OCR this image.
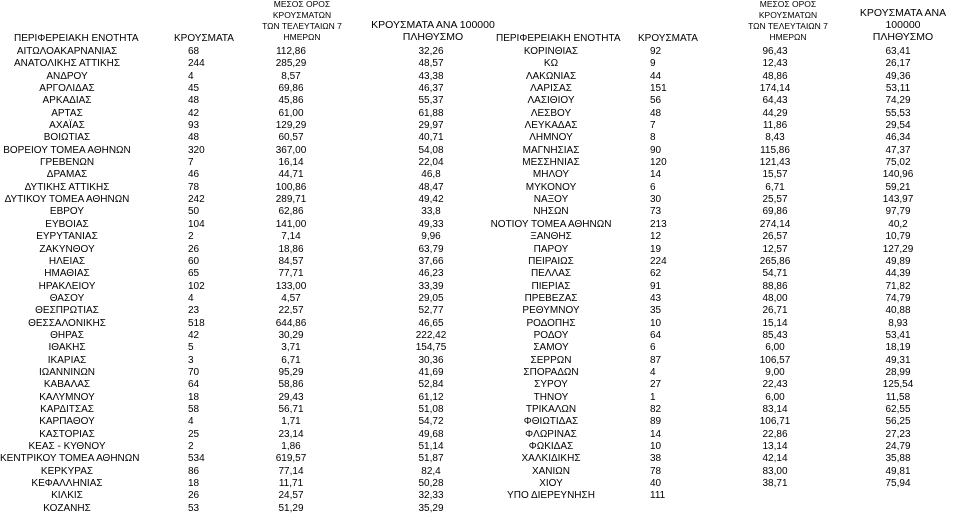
ΠΕΡΙΦΕΡΕΙΑΚΗ ΕΝΟΤΗΤΑ	ΚΡΟΥΣΜΑΤΑ
ΜΕΣΟΣ ΟΡΟΣ ΚΡΟΥΣΜΑΤΩΝ
ΤΩΝ ΤΕΛΕΥΤΑΙΩΝ 7 ΗΜΕΡΩΝ
ΚΡΟΥΣΜΑΤΑ ΑΝΑ 100000
ΠΛΗΘΥΣΜΟ	ΠΕΡΙΦΕΡΕΙΑΚΗ ΕΝΟΤΗΤΑ	ΚΡΟΥΣΜΑΤΑ
ΜΕΣΟΣ ΟΡΟΣ ΚΡΟΥΣΜΑΤΩΝ
ΤΩΝ ΤΕΛΕΥΤΑΙΩΝ 7 ΗΜΕΡΩΝ
ΚΡΟΥΣΜΑΤΑ ΑΝΑ 100000
ΠΛΗΘΥΣΜΟ
ΑΙΤΩΛΟΑΚΑΡΝΑΝΙΑΣ	68	112,86	32,26	ΚΟΡΙΝΘΙΑΣ	92	96,43	63,41
ΑΝΑΤΟΛΙΚΗΣ ΑΤΤΙΚΗΣ	244	285,29	48,57	ΚΩ	9	12,43	26,17
ΑΝΔΡΟΥ	4	8,57	43,38	ΛΑΚΩΝΙΑΣ	44	48,86	49,36
ΑΡΓΟΛΙΔΑΣ	45	69,86	46,37	ΛΑΡΙΣΑΣ	151	174,14	53,11
ΑΡΚΑΔΙΑΣ	48	45,86	55,37	ΛΑΣΙΘΙΟΥ	56	64,43	74,29
ΑΡΤΑΣ	42	61,00	61,88	ΛΕΣΒΟΥ	48	44,29	55,53
ΑΧΑΪΑΣ	93	129,29	29,97	ΛΕΥΚΑΔΑΣ	7	11,86	29,54
ΒΟΙΩΤΙΑΣ	48	60,57	40,71	ΛΗΜΝΟΥ	8	8,43	46,34
ΒΟΡΕΙΟΥ ΤΟΜΕΑ ΑΘΗΝΩΝ	320	367,00	54,08	ΜΑΓΝΗΣΙΑΣ	90	115,86	47,37
ΓΡΕΒΕΝΩΝ	7	16,14	22,04	ΜΕΣΣΗΝΙΑΣ	120	121,43	75,02
ΔΡΑΜΑΣ	46	44,71	46,8	ΜΗΛΟΥ	14	15,57	140,96
ΔΥΤΙΚΗΣ ΑΤΤΙΚΗΣ	78	100,86	48,47	ΜΥΚΟΝΟΥ	6	6,71	59,21
ΔΥΤΙΚΟΥ ΤΟΜΕΑ ΑΘΗΝΩΝ	242	289,71	49,42	ΝΑΞΟΥ	30	25,57	143,97
ΕΒΡΟΥ	50	62,86	33,8	ΝΗΣΩΝ	73	69,86	97,79
ΕΥΒΟΙΑΣ	104	141,00	49,33	ΝΟΤΙΟΥ ΤΟΜΕΑ ΑΘΗΝΩΝ	213	274,14	40,2
ΕΥΡΥΤΑΝΙΑΣ	2	7,14	9,96	ΞΑΝΘΗΣ	12	26,57	10,79
ΖΑΚΥΝΘΟΥ	26	18,86	63,79	ΠΑΡΟΥ	19	12,57	127,29
ΗΛΕΙΑΣ	60	84,57	37,66	ΠΕΙΡΑΙΩΣ	224	265,86	49,89
ΗΜΑΘΙΑΣ	65	77,71	46,23	ΠΕΛΛΑΣ	62	54,71	44,39
ΗΡΑΚΛΕΙΟΥ	102	133,00	33,39	ΠΙΕΡΙΑΣ	91	88,86	71,82
ΘΑΣΟΥ	4	4,57	29,05	ΠΡΕΒΕΖΑΣ	43	48,00	74,79
ΘΕΣΠΡΩΤΙΑΣ	23	22,57	52,77	ΡΕΘΥΜΝΟΥ	35	26,71	40,88
ΘΕΣΣΑΛΟΝΙΚΗΣ	518	644,86	46,65	ΡΟΔΟΠΗΣ	10	15,14	8,93
ΘΗΡΑΣ	42	30,29	222,42	ΡΟΔΟΥ	64	85,43	53,41
ΙΘΑΚΗΣ	5	3,71	154,75	ΣΑΜΟΥ	6	6,00	18,19
ΙΚΑΡΙΑΣ	3	6,71	30,36	ΣΕΡΡΩΝ	87	106,57	49,31
ΙΩΑΝΝΙΝΩΝ	70	95,29	41,69	ΣΠΟΡΑΔΩΝ	4	9,00	28,99
ΚΑΒΑΛΑΣ	64	58,86	52,84	ΣΥΡΟΥ	27	22,43	125,54
ΚΑΛΥΜΝΟΥ	18	29,43	61,12	ΤΗΝΟΥ	1	6,00	11,58
ΚΑΡΔΙΤΣΑΣ	58	56,71	51,08	ΤΡΙΚΑΛΩΝ	82	83,14	62,55
ΚΑΡΠΑΘΟΥ	4	1,71	54,72	ΦΘΙΩΤΙΔΑΣ	89	106,71	56,25
ΚΑΣΤΟΡΙΑΣ	25	23,14	49,68	ΦΛΩΡΙΝΑΣ	14	22,86	27,23
ΚΕΑΣ - ΚΥΘΝΟΥ	2	1,86	51,14	ΦΩΚΙΔΑΣ	10	13,14	24,79
ΚΕΝΤΡΙΚΟΥ ΤΟΜΕΑ ΑΘΗΝΩΝ	534	619,57	51,87	ΧΑΛΚΙΔΙΚΗΣ	38	42,14	35,88
ΚΕΡΚΥΡΑΣ	86	77,14	82,4	ΧΑΝΙΩΝ	78	83,00	49,81
ΚΕΦΑΛΛΗΝΙΑΣ	18	11,71	50,28	ΧΙΟΥ	40	38,71	75,94
ΚΙΛΚΙΣ	26	24,57	32,33	ΥΠΟ ΔΙΕΡΕΥΝΗΣΗ	111
ΚΟΖΑΝΗΣ	53	51,29	35,29
